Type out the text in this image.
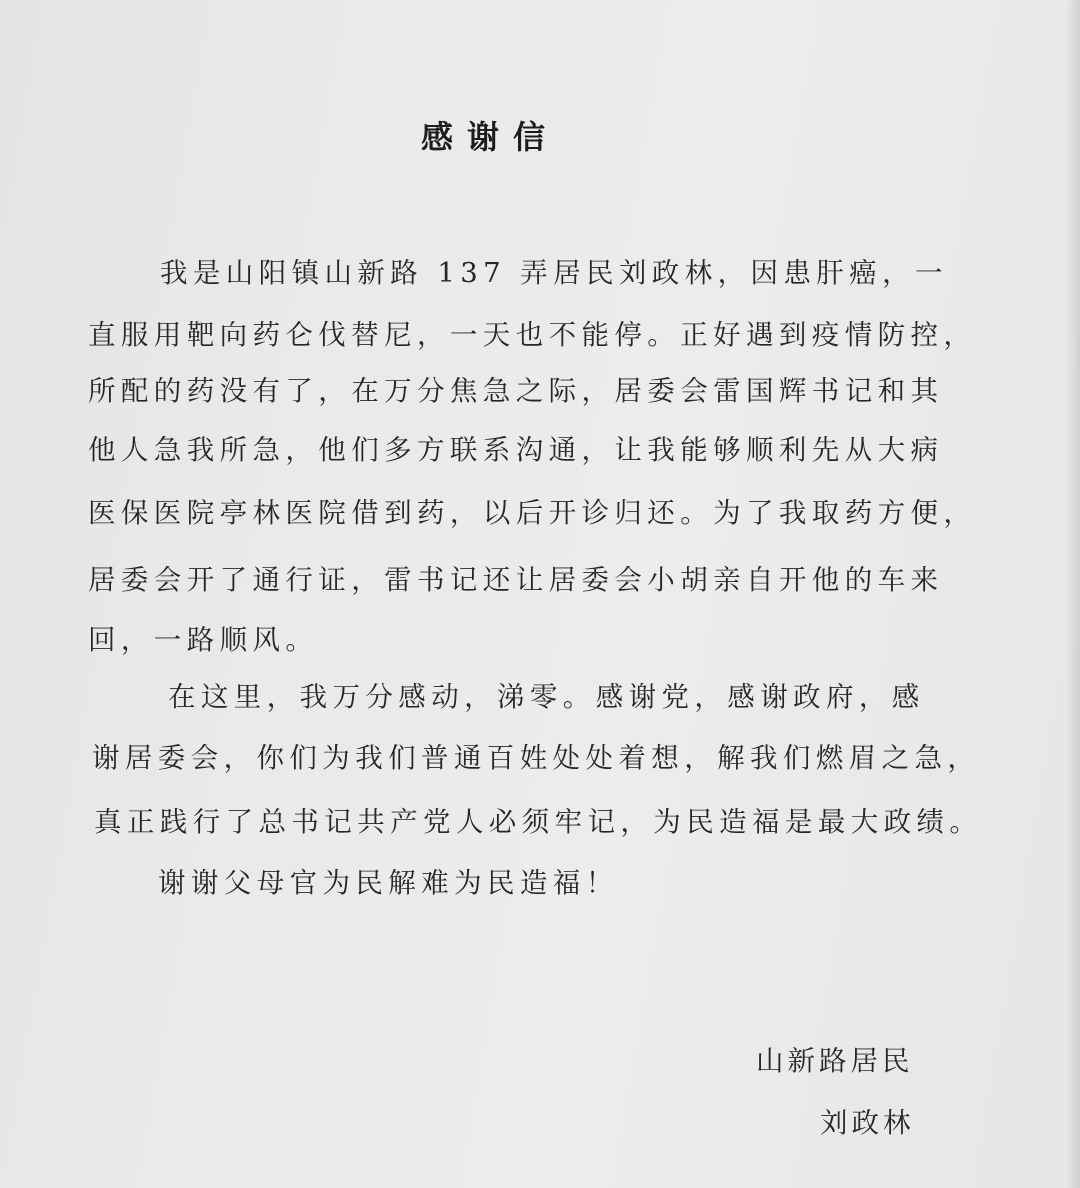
感谢信
我是山阳镇山新路 137 弄居民刘政林，因患肝癌，一
直服用靶向药仑伐替尼，一天也不能停。正好遇到疫情防控，
所配的药没有了，在万分焦急之际，居委会雷国辉书记和其
他人急我所急，他们多方联系沟通，让我能够顺利先从大病
医保医院亭林医院借到药，以后开诊归还。为了我取药方便，
居委会开了通行证，雷书记还让居委会小胡亲自开他的车来
回，一路顺风。
在这里，我万分感动，涕零。感谢党，感谢政府，感
谢居委会，你们为我们普通百姓处处着想，解我们燃眉之急，
真正践行了总书记共产党人必须牢记，为民造福是最大政绩。
谢谢父母官为民解难为民造福！
山新路居民
刘政林
